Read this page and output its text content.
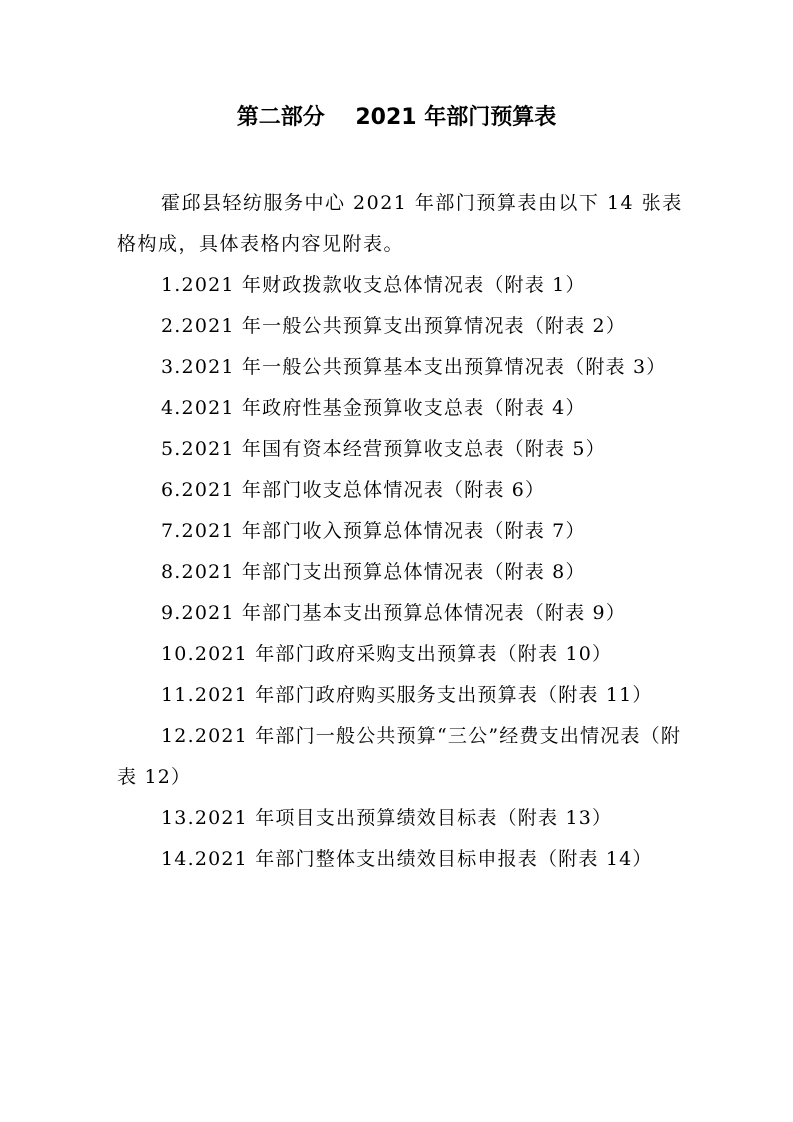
第二部分    2021 年部门预算表

霍邱县轻纺服务中心 2021 年部门预算表由以下 14 张表格构成，具体表格内容见附表。

1.2021 年财政拨款收支总体情况表（附表 1）
2.2021 年一般公共预算支出预算情况表（附表 2）
3.2021 年一般公共预算基本支出预算情况表（附表 3）
4.2021 年政府性基金预算收支总表（附表 4）
5.2021 年国有资本经营预算收支总表（附表 5）
6.2021 年部门收支总体情况表（附表 6）
7.2021 年部门收入预算总体情况表（附表 7）
8.2021 年部门支出预算总体情况表（附表 8）
9.2021 年部门基本支出预算总体情况表（附表 9）
10.2021 年部门政府采购支出预算表（附表 10）
11.2021 年部门政府购买服务支出预算表（附表 11）
12.2021 年部门一般公共预算“三公”经费支出情况表（附表 12）
13.2021 年项目支出预算绩效目标表（附表 13）
14.2021 年部门整体支出绩效目标申报表（附表 14）
